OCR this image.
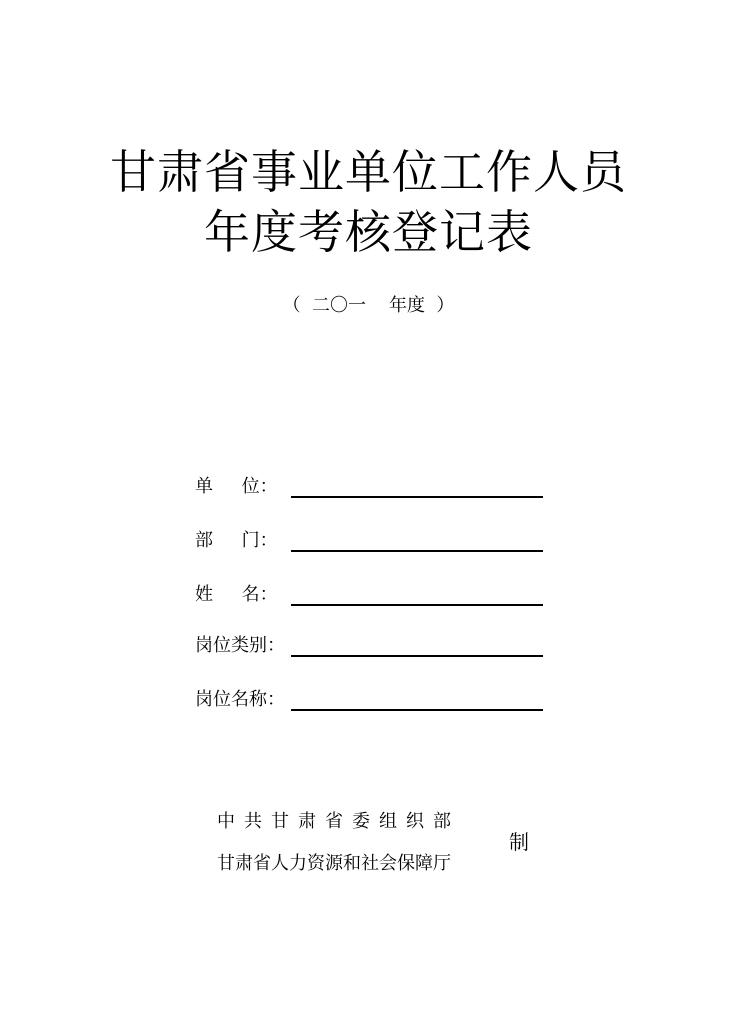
甘肃省事业单位工作人员
年度考核登记表
（  二〇一    年度  ）
单     位：
部     门：
姓     名：
岗位类别：
岗位名称：
中共甘肃省委组织部
甘肃省人力资源和社会保障厅
制
